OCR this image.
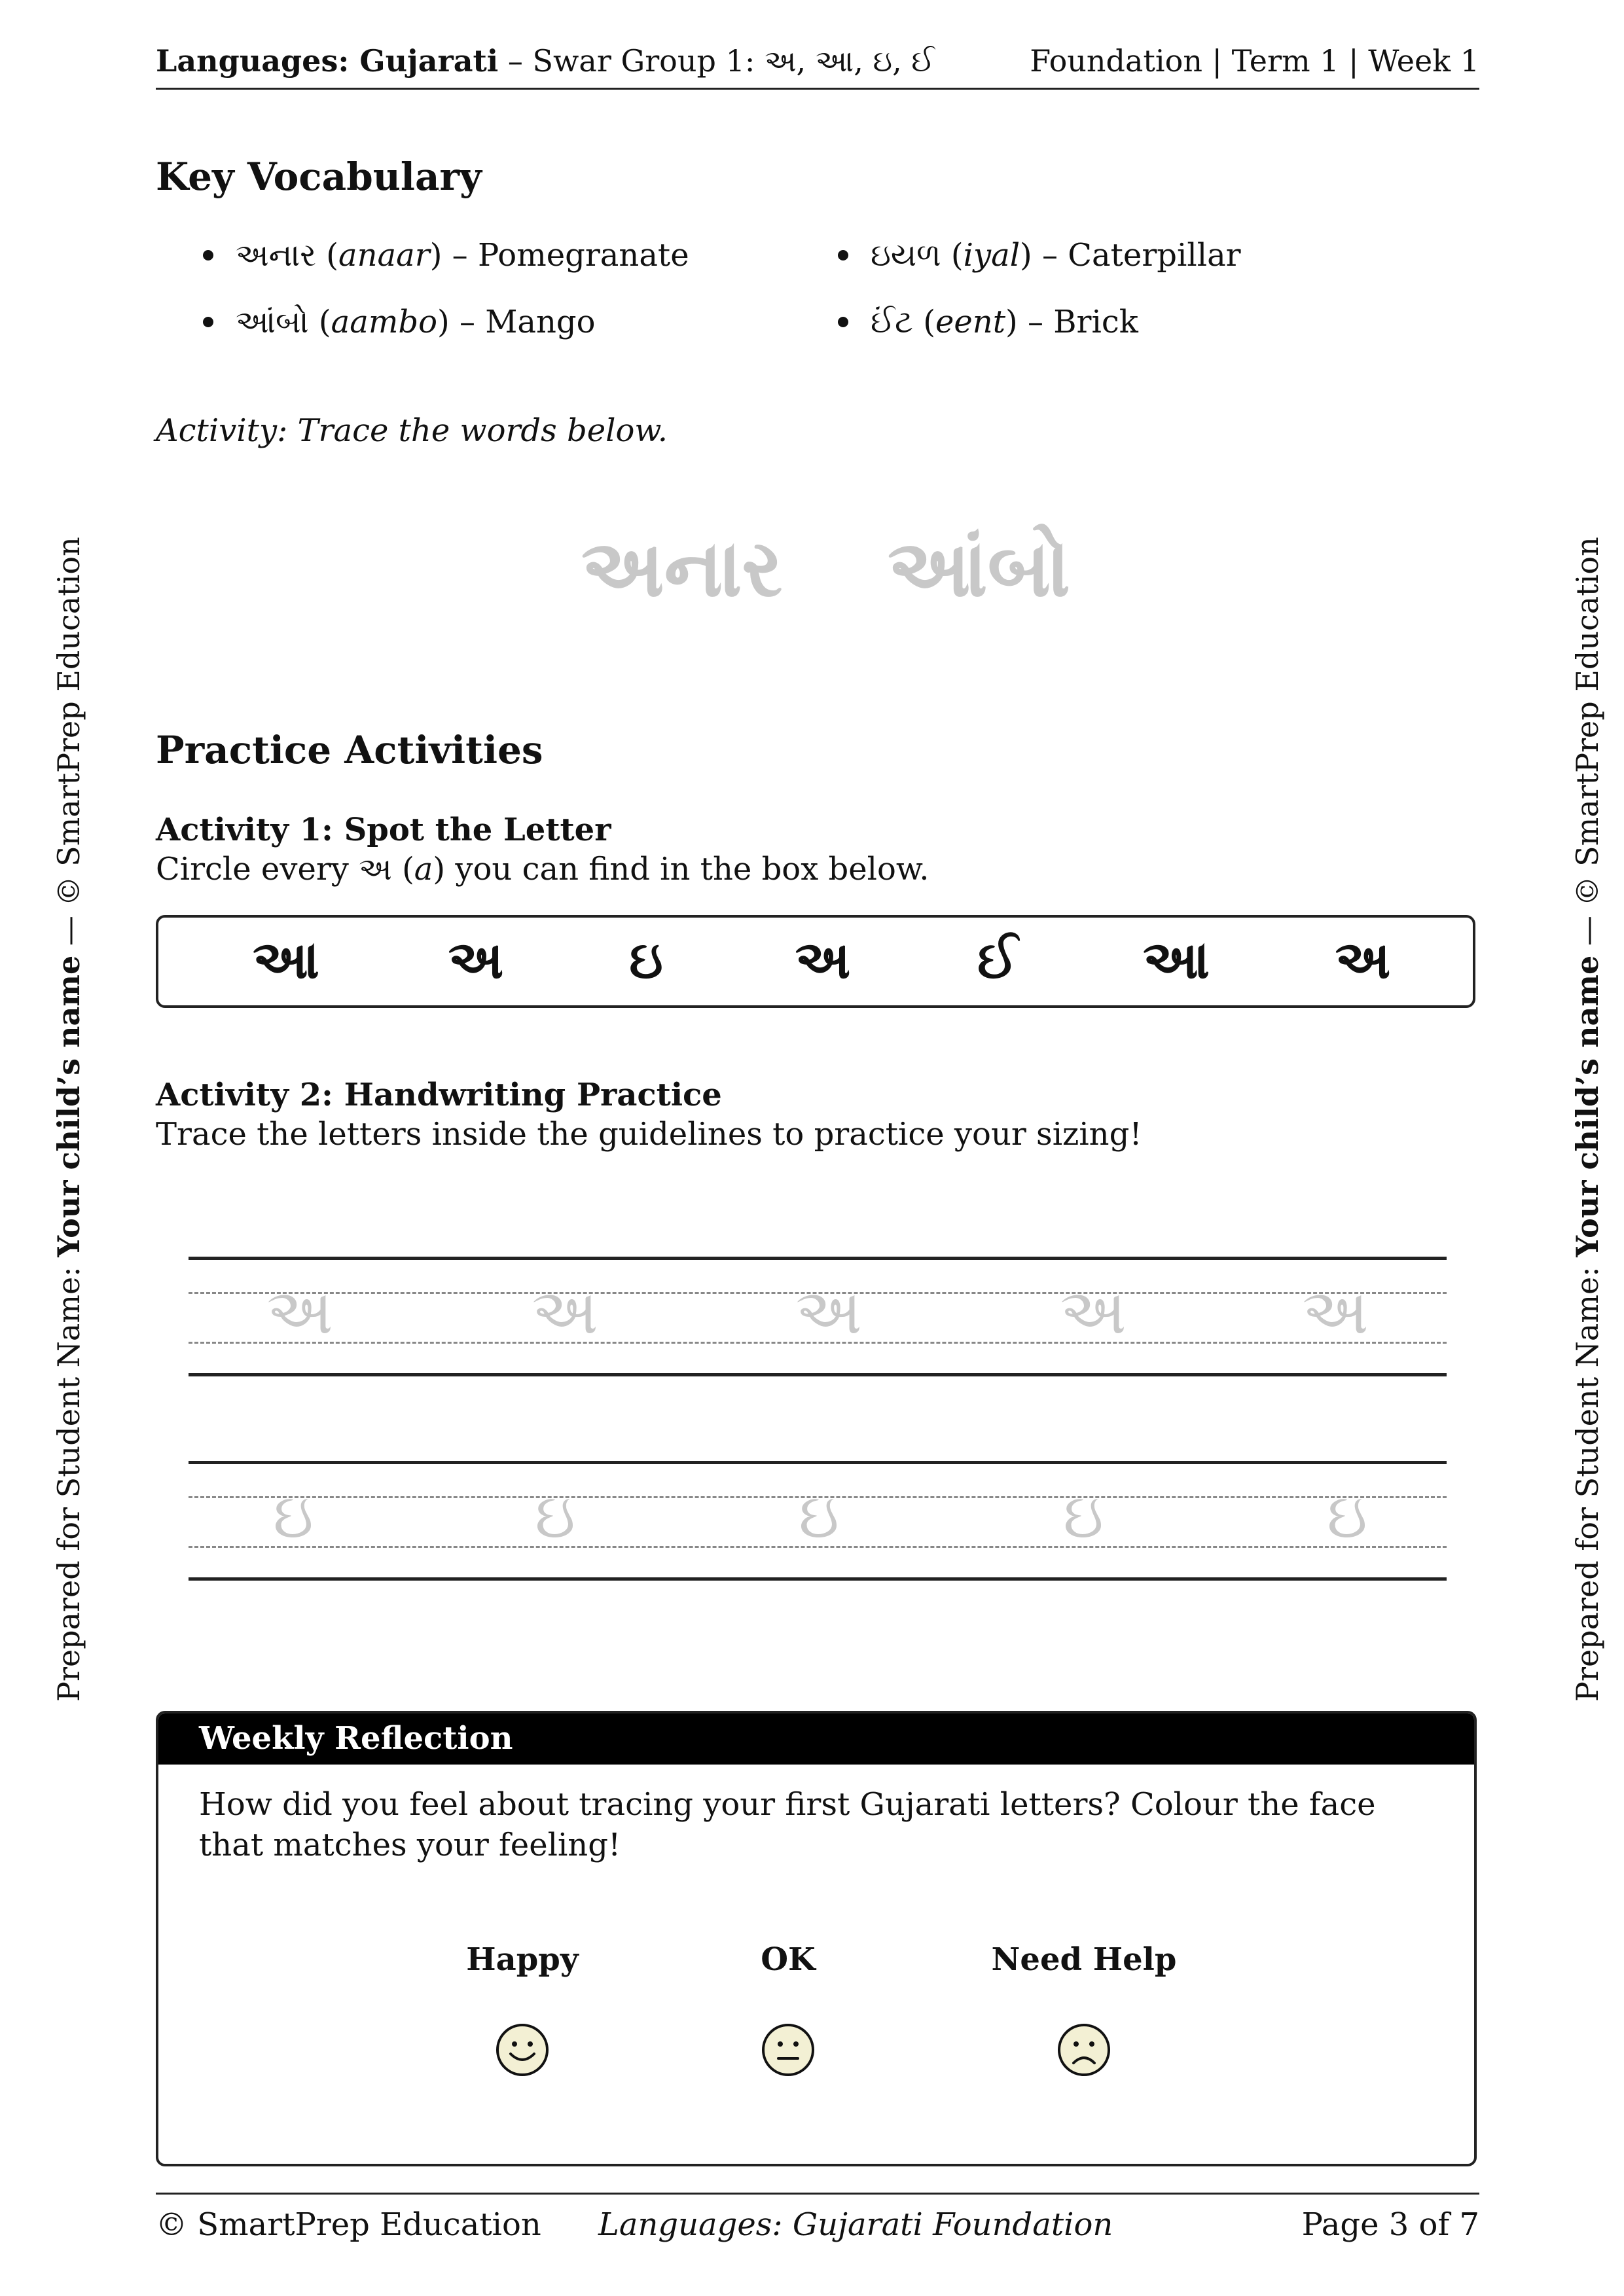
Languages: Gujarati – Swar Group 1: અ, આ, ઇ, ઈ	Foundation | Term 1 | Week 1
Prepared for Student Name: Your child’s name — © SmartPrep Education
Prepared for Student Name: Your child’s name — © SmartPrep Education
Key Vocabulary
અનાર (anaar) – Pomegranate
આંબો (aambo) – Mango
ઇયળ (iyal) – Caterpillar
ઈંટ (eent) – Brick
Activity: Trace the words below.
અનાર આંબો
Practice Activities
Activity 1: Spot the Letter
Circle every અ (a) you can find in the box below.
આ	અ	ઇ	અ	ઈ	આ	અ
Activity 2: Handwriting Practice
Trace the letters inside the guidelines to practice your sizing!
અ	અ	અ	અ	અ
ઇ	ઇ	ઇ	ઇ	ઇ
Weekly Reflection
How did you feel about tracing your first Gujarati letters? Colour the face that matches your feeling!
Happy	OK	Need Help
© SmartPrep Education Languages: Gujarati Foundation	Page 3 of 7
